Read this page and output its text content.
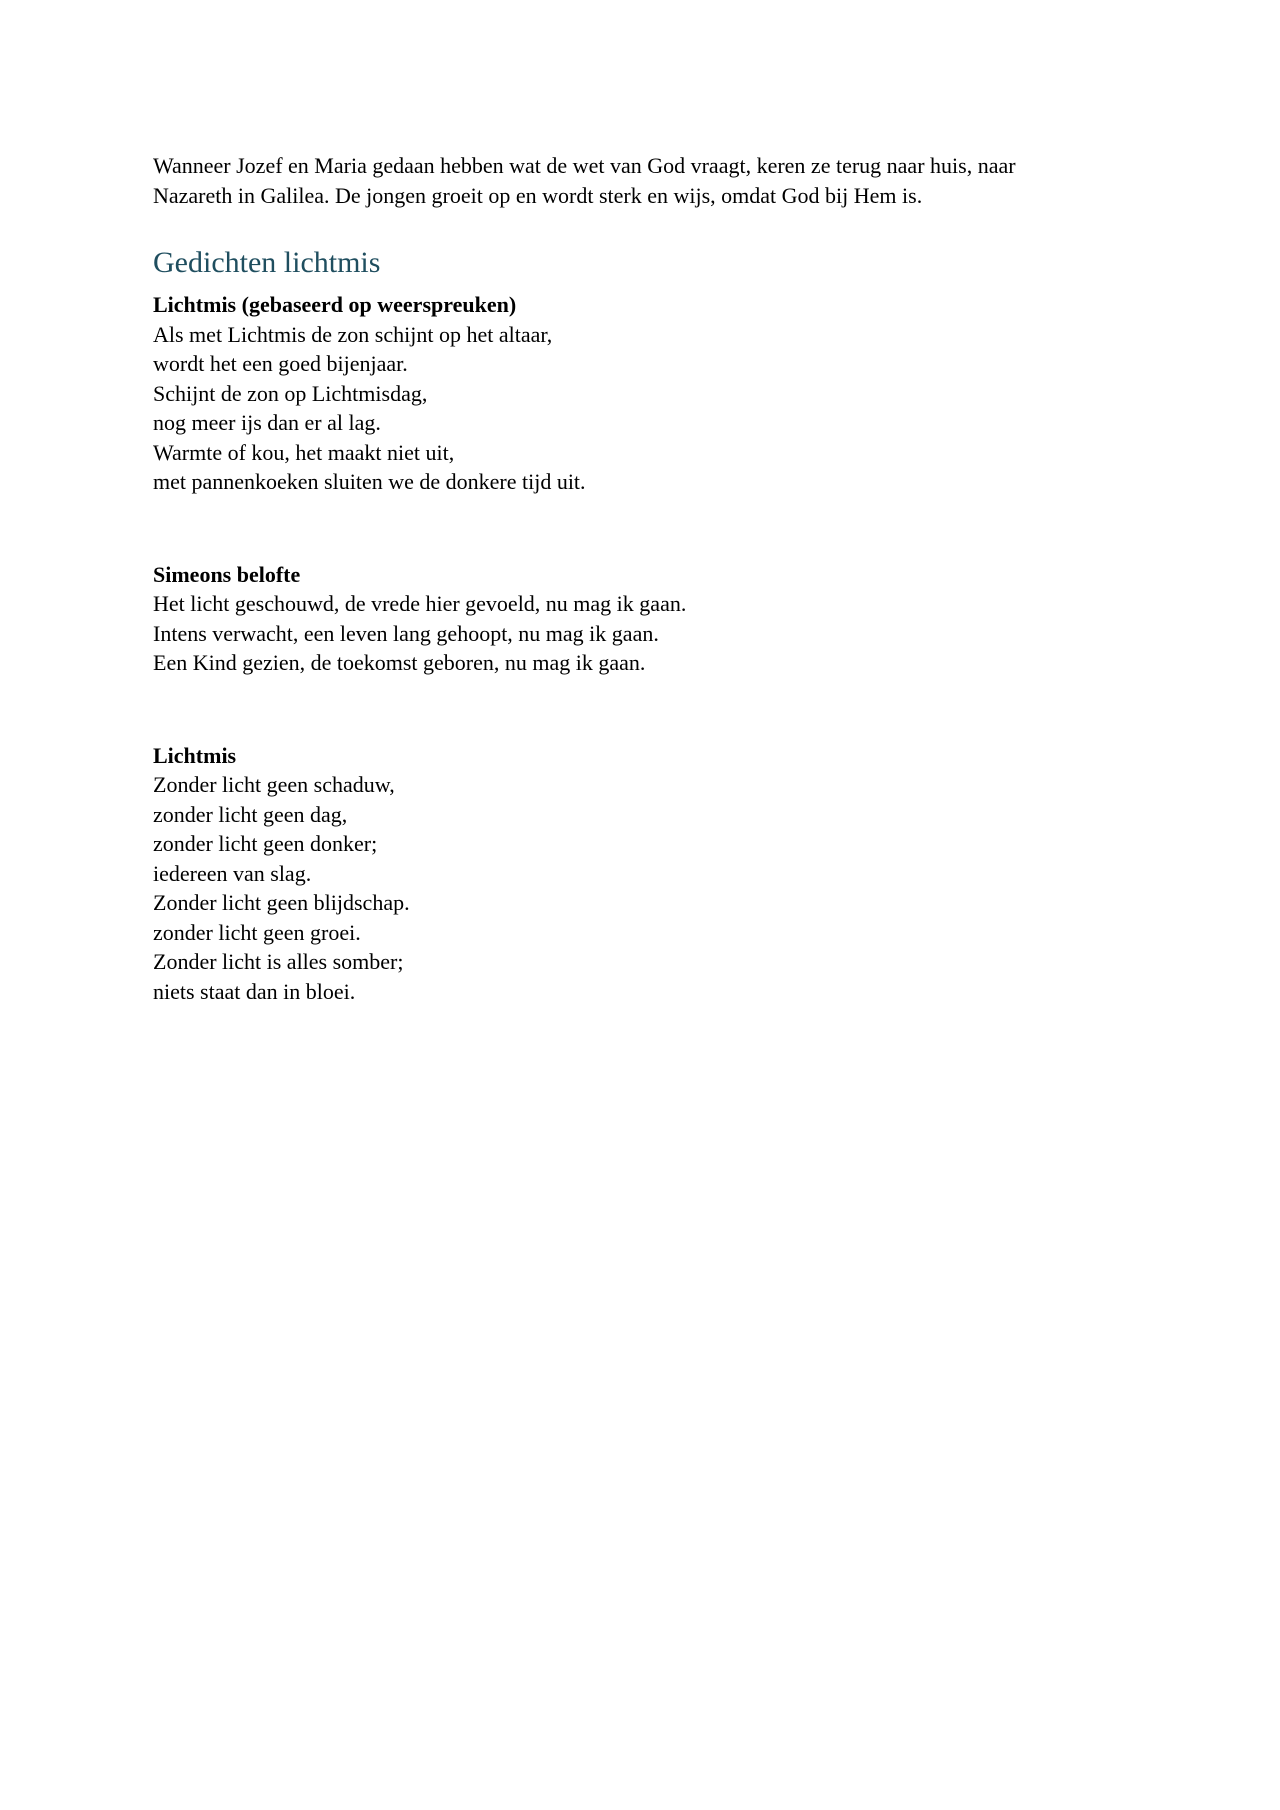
Wanneer Jozef en Maria gedaan hebben wat de wet van God vraagt, keren ze terug naar huis, naar

Nazareth in Galilea. De jongen groeit op en wordt sterk en wijs, omdat God bij Hem is.

Gedichten lichtmis

Lichtmis (gebaseerd op weerspreuken)

Als met Lichtmis de zon schijnt op het altaar,

wordt het een goed bijenjaar.

Schijnt de zon op Lichtmisdag,

nog meer ijs dan er al lag.

Warmte of kou, het maakt niet uit,

met pannenkoeken sluiten we de donkere tijd uit.

Simeons belofte

Het licht geschouwd, de vrede hier gevoeld, nu mag ik gaan.

Intens verwacht, een leven lang gehoopt, nu mag ik gaan.

Een Kind gezien, de toekomst geboren, nu mag ik gaan.

Lichtmis

Zonder licht geen schaduw,

zonder licht geen dag,

zonder licht geen donker;

iedereen van slag.

Zonder licht geen blijdschap.

zonder licht geen groei.

Zonder licht is alles somber;

niets staat dan in bloei.
